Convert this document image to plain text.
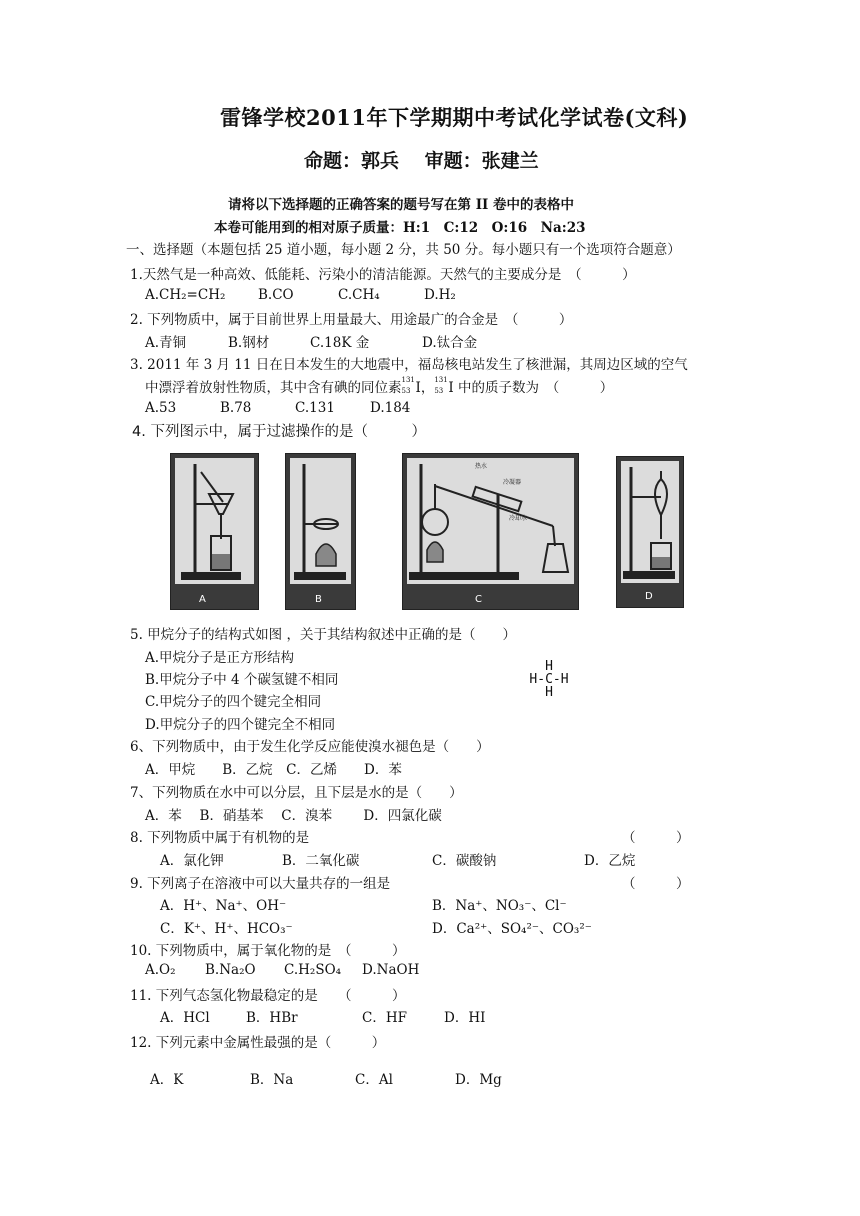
雷锋学校2011年下学期期中考试化学试卷(文科)
命题：郭兵　 审题：张建兰
请将以下选择题的正确答案的题号写在第 II 卷中的表格中
本卷可能用到的相对原子质量：H:1　C:12　O:16　Na:23
一、选择题（本题包括 25 道小题，每小题 2 分，共 50 分。每小题只有一个选项符合题意）
1.天然气是一种高效、低能耗、污染小的清洁能源。天然气的主要成分是　（　　　）
A.CH₂=CH₂ B.CO	C.CH₄	D.H₂
2. 下列物质中，属于目前世界上用量最大、用途最广的合金是　（　　　）
A.青铜	B.钢材	C.18K 金	D.钛合金
3. 2011 年 3 月 11 日在日本发生的大地震中，福岛核电站发生了核泄漏，其周边区域的空气
中漂浮着放射性物质，其中含有碘的同位素 131
53 I， 131
53 I 中的质子数为　（　　　）
A.53	B.78	C.131	D.184
4. 下列图示中，属于过滤操作的是（　　　）
A	B
热水
冷凝器
冷却水
C	D
5. 甲烷分子的结构式如图 ，关于其结构叙述中正确的是（　　）
A.甲烷分子是正方形结构
B.甲烷分子中 4 个碳氢键不相同
C.甲烷分子的四个键完全相同
D.甲烷分子的四个键完全不相同
H
H-C-H
H
6、下列物质中，由于发生化学反应能使溴水褪色是（　　）
A．甲烷　　B．乙烷　C．乙烯　　D．苯
7、下列物质在水中可以分层，且下层是水的是（　　）
A．苯　 B．硝基苯　 C．溴苯　　 D．四氯化碳
8. 下列物质中属于有机物的是	（　　　）
A．氯化钾	B．二氧化碳	C．碳酸钠	D．乙烷
9. 下列离子在溶液中可以大量共存的一组是	（　　　）
A．H⁺、Na⁺、OH⁻	B．Na⁺、NO₃⁻、Cl⁻
C．K⁺、H⁺、HCO₃⁻	D．Ca²⁺、SO₄²⁻、CO₃²⁻
10. 下列物质中，属于氧化物的是　（　　　）
A.O₂ B.Na₂O C.H₂SO₄ D.NaOH
11. 下列气态氢化物最稳定的是　　（　　　）
A．HCl	B．HBr	C．HF	D．HI
12. 下列元素中金属性最强的是（　　　）
A．K	B．Na	C．Al	D．Mg
